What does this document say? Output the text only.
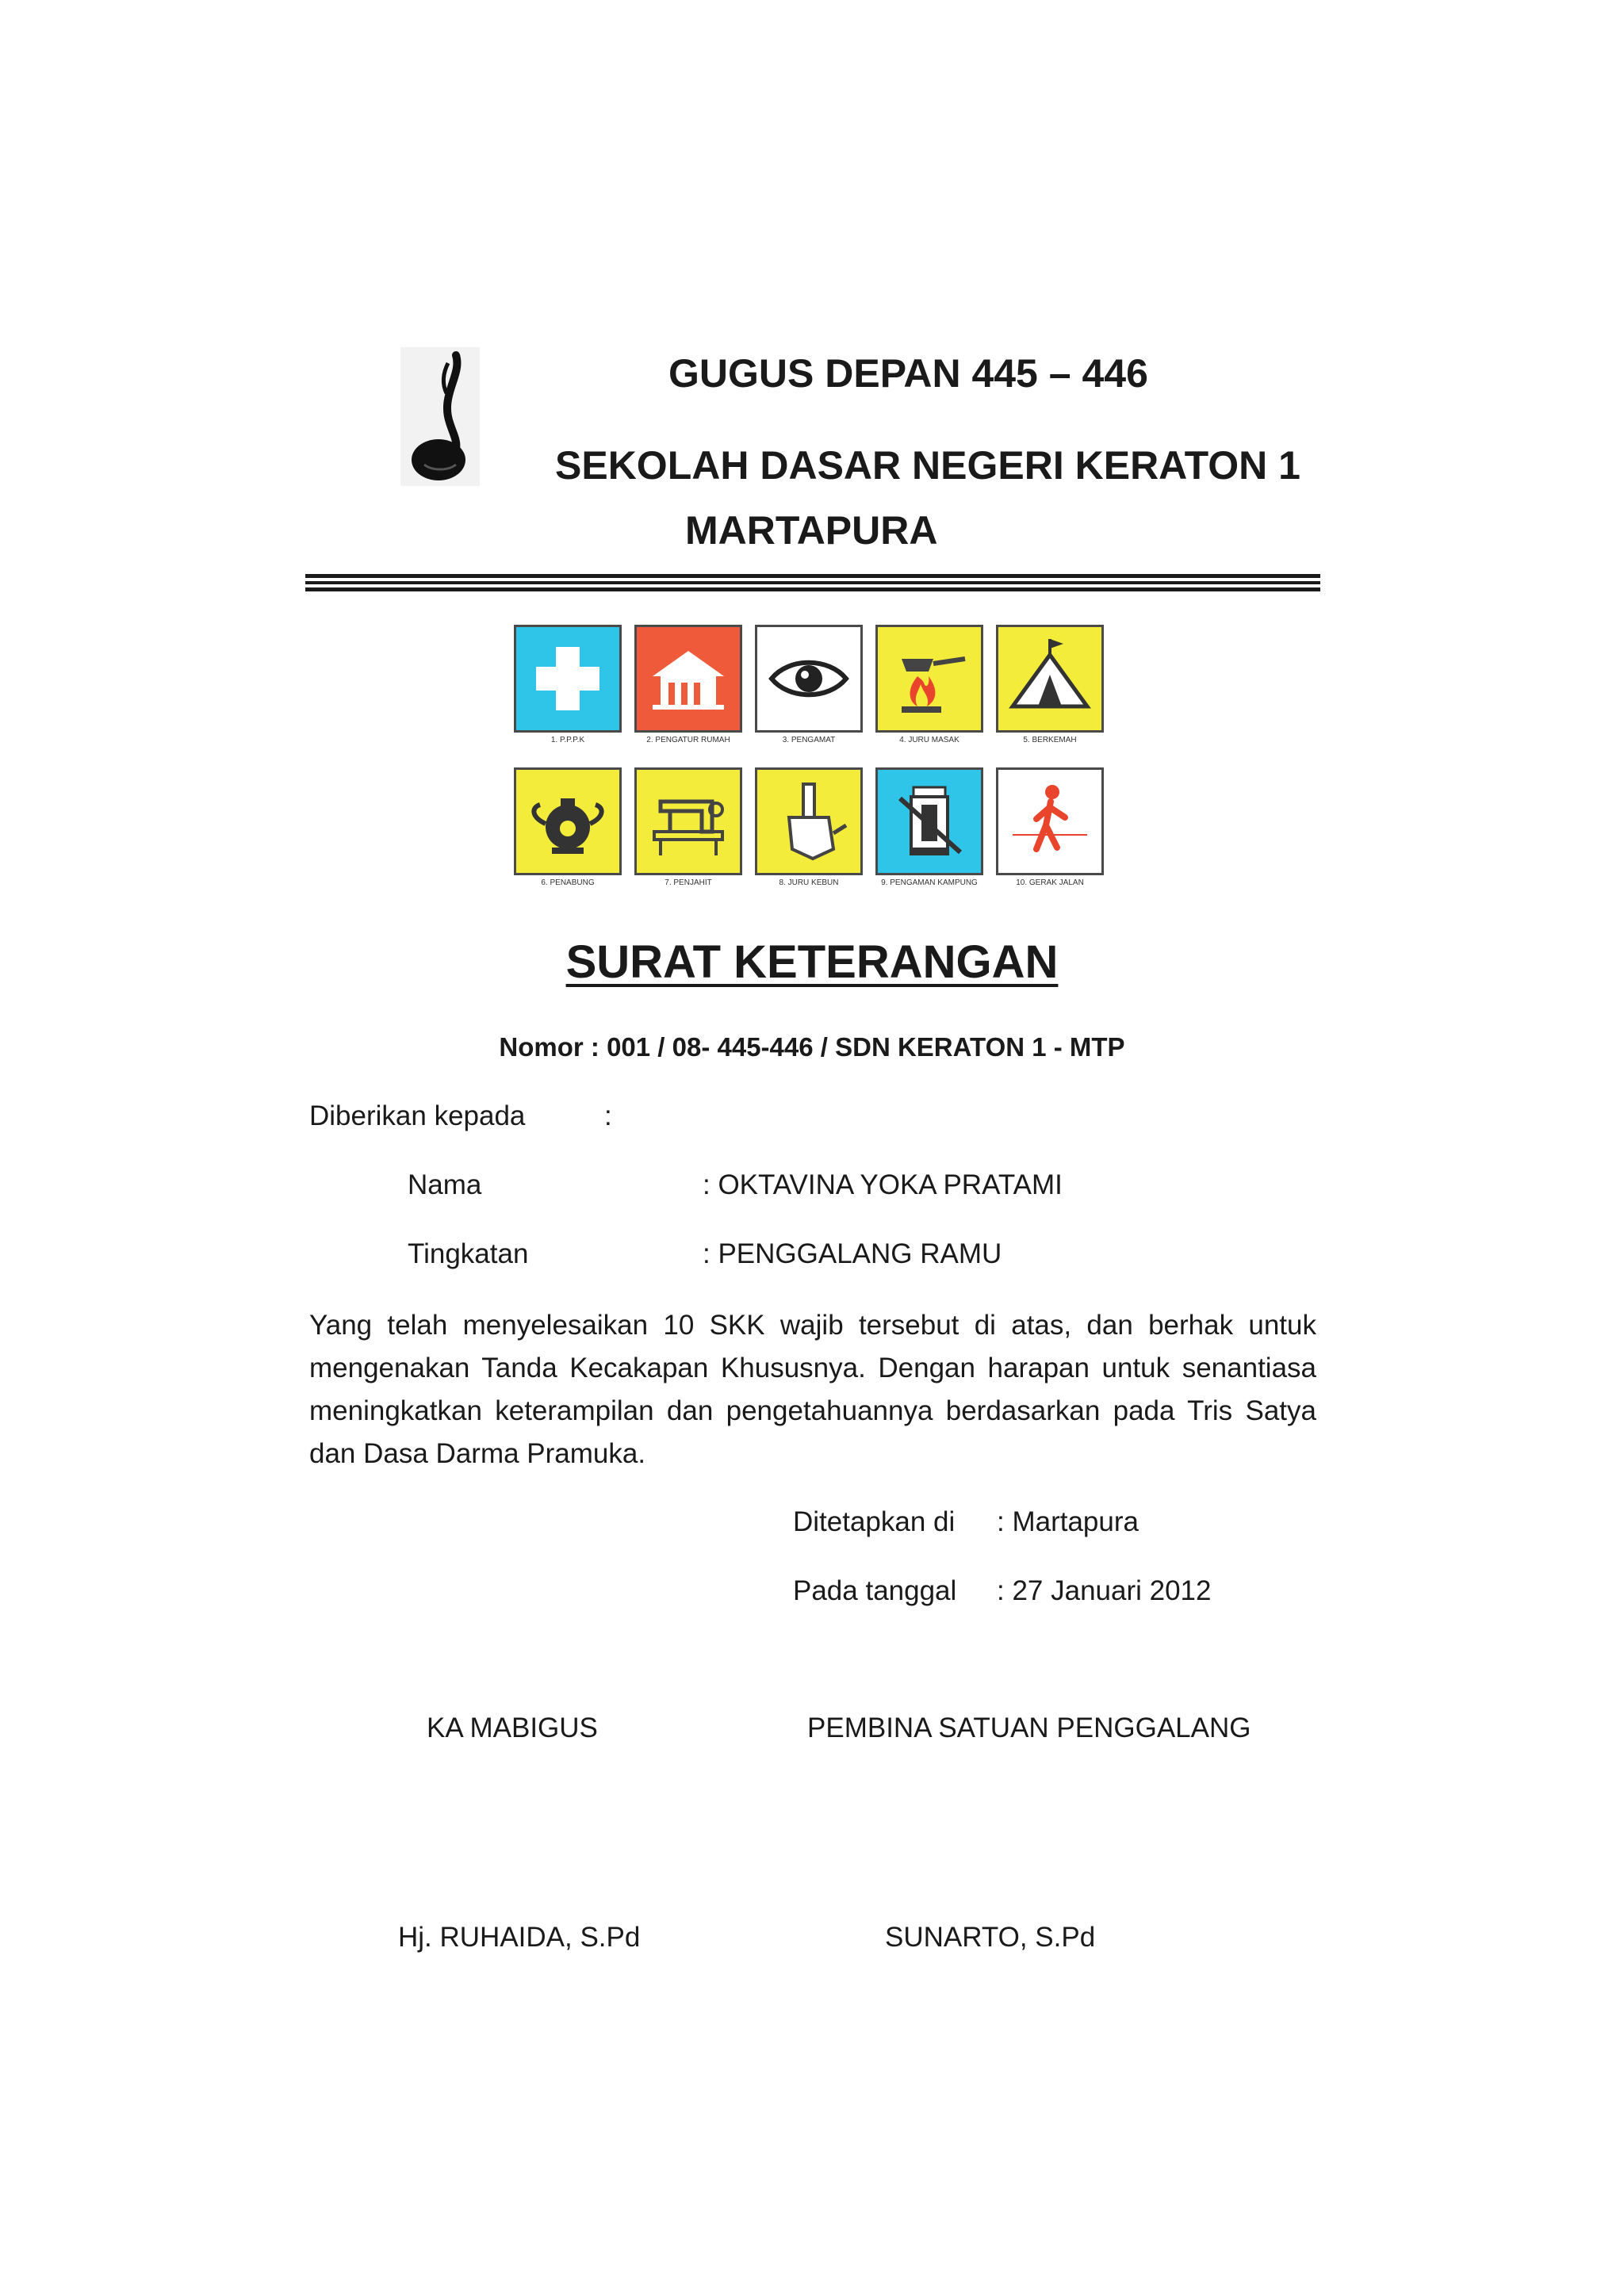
GUGUS DEPAN 445 – 446
SEKOLAH DASAR NEGERI KERATON 1
MARTAPURA
1. P.P.P.K	2. PENGATUR RUMAH	3. PENGAMAT	4. JURU MASAK	5. BERKEMAH
6. PENABUNG	7. PENJAHIT	8. JURU KEBUN	9. PENGAMAN KAMPUNG	10. GERAK JALAN
SURAT KETERANGAN
Nomor : 001 / 08- 445-446 / SDN KERATON 1 - MTP
Diberikan kepada	:
Nama	: OKTAVINA YOKA PRATAMI
Tingkatan	: PENGGALANG RAMU
Yang telah menyelesaikan 10 SKK wajib tersebut di atas, dan berhak untuk mengenakan Tanda Kecakapan Khususnya. Dengan harapan untuk senantiasa meningkatkan keterampilan dan pengetahuannya berdasarkan pada Tris Satya dan Dasa Darma Pramuka.
Ditetapkan di : Martapura
Pada tanggal : 27 Januari 2012
KA MABIGUS	PEMBINA SATUAN PENGGALANG
Hj. RUHAIDA, S.Pd	SUNARTO, S.Pd
